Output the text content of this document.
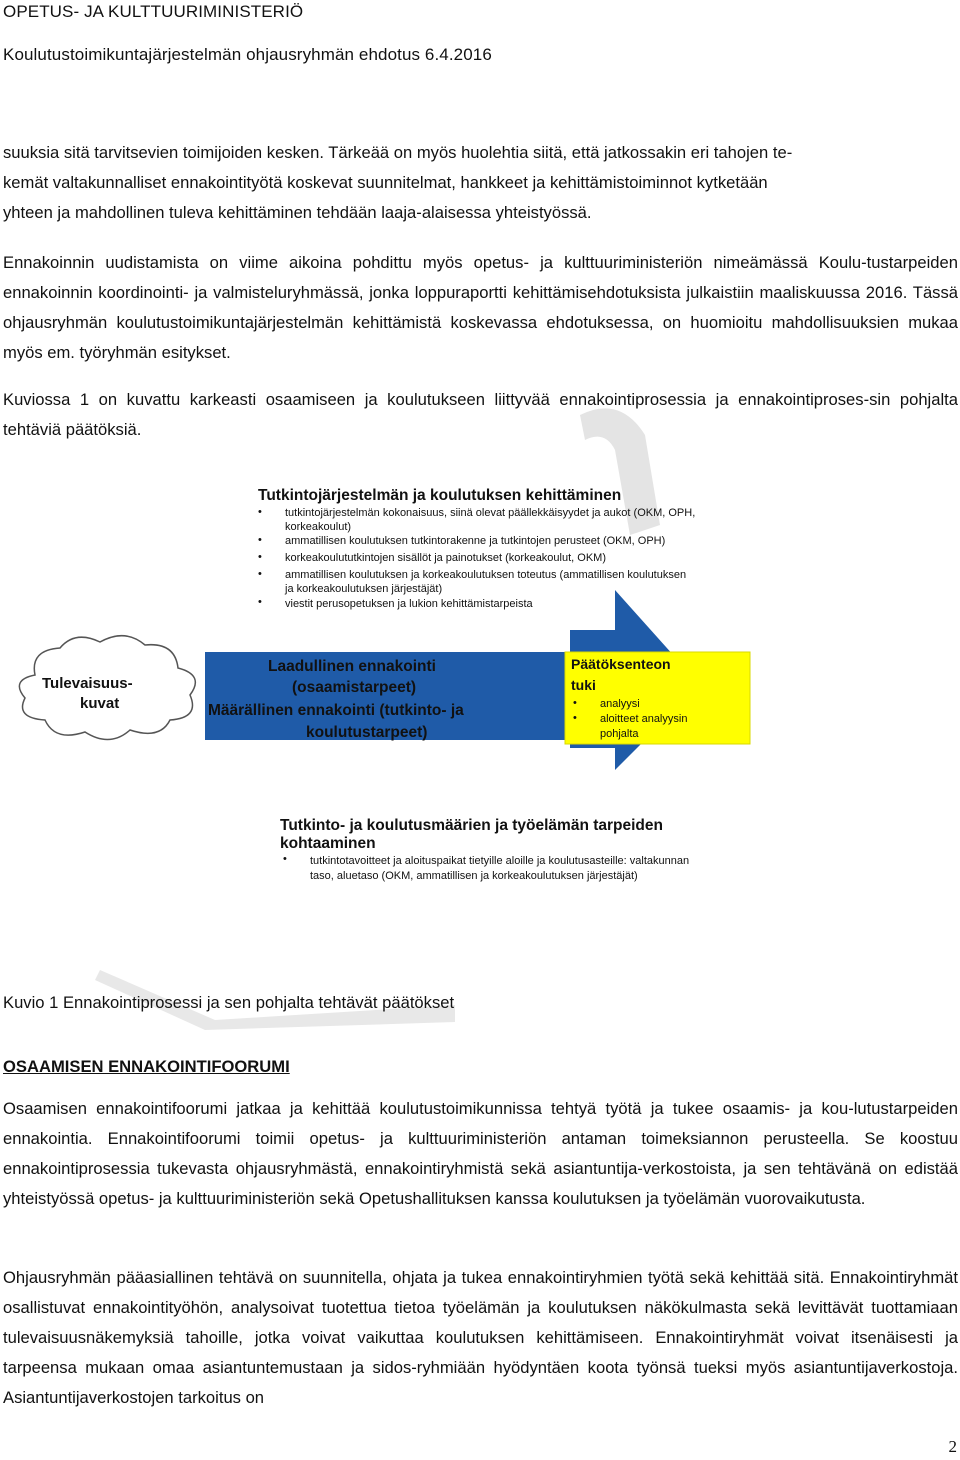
OPETUS- JA KULTTUURIMINISTERIÖ
Koulutustoimikuntajärjestelmän ohjausryhmän ehdotus 6.4.2016
suuksia sitä tarvitsevien toimijoiden kesken. Tärkeää on myös huolehtia siitä, että jatkossakin eri tahojen te-
kemät valtakunnalliset ennakointityötä koskevat suunnitelmat, hankkeet ja kehittämistoiminnot kytketään
yhteen ja mahdollinen tuleva kehittäminen tehdään laaja-alaisessa yhteistyössä.
Ennakoinnin uudistamista on viime aikoina pohdittu myös opetus- ja kulttuuriministeriön nimeämässä Koulu-tustarpeiden ennakoinnin koordinointi- ja valmisteluryhmässä, jonka loppuraportti kehittämisehdotuksista julkaistiin maaliskuussa 2016. Tässä ohjausryhmän koulutustoimikuntajärjestelmän kehittämistä koskevassa ehdotuksessa, on huomioitu mahdollisuuksien mukaa myös em. työryhmän esitykset.
Kuviossa 1 on kuvattu karkeasti osaamiseen ja koulutukseen liittyvää ennakointiprosessia ja ennakointiproses-sin pohjalta tehtäviä päätöksiä.
Tutkintojärjestelmän ja koulutuksen kehittäminen
• tutkintojärjestelmän kokonaisuus, siinä olevat päällekkäisyydet ja aukot (OKM, OPH,
korkeakoulut)
• ammatillisen koulutuksen tutkintorakenne ja tutkintojen perusteet (OKM, OPH)
• korkeakoulututkintojen sisällöt ja painotukset (korkeakoulut, OKM)
• ammatillisen koulutuksen ja korkeakoulutuksen toteutus (ammatillisen koulutuksen
ja korkeakoulutuksen järjestäjät)
• viestit perusopetuksen ja lukion kehittämistarpeista
Tulevaisuus-
kuvat
Laadullinen ennakointi
(osaamistarpeet)
Määrällinen ennakointi (tutkinto- ja
koulutustarpeet)
Päätöksenteon
tuki
• analyysi
• aloitteet analyysin
pohjalta
Tutkinto- ja koulutusmäärien ja työelämän tarpeiden
kohtaaminen
• tutkintotavoitteet ja aloituspaikat tietyille aloille ja koulutusasteille: valtakunnan
taso, aluetaso (OKM, ammatillisen ja korkeakoulutuksen järjestäjät)
Kuvio 1 Ennakointiprosessi ja sen pohjalta tehtävät päätökset
OSAAMISEN ENNAKOINTIFOORUMI
Osaamisen ennakointifoorumi jatkaa ja kehittää koulutustoimikunnissa tehtyä työtä ja tukee osaamis- ja kou-lutustarpeiden ennakointia. Ennakointifoorumi toimii opetus- ja kulttuuriministeriön antaman toimeksiannon perusteella. Se koostuu ennakointiprosessia tukevasta ohjausryhmästä, ennakointiryhmistä sekä asiantuntija-verkostoista, ja sen tehtävänä on edistää yhteistyössä opetus- ja kulttuuriministeriön sekä Opetushallituksen kanssa koulutuksen ja työelämän vuorovaikutusta.
Ohjausryhmän pääasiallinen tehtävä on suunnitella, ohjata ja tukea ennakointiryhmien työtä sekä kehittää sitä. Ennakointiryhmät osallistuvat ennakointityöhön, analysoivat tuotettua tietoa työelämän ja koulutuksen näkökulmasta sekä levittävät tuottamiaan tulevaisuusnäkemyksiä tahoille, jotka voivat vaikuttaa koulutuksen kehittämiseen. Ennakointiryhmät voivat itsenäisesti ja tarpeensa mukaan omaa asiantuntemustaan ja sidos-ryhmiään hyödyntäen koota työnsä tueksi myös asiantuntijaverkostoja. Asiantuntijaverkostojen tarkoitus on
2
